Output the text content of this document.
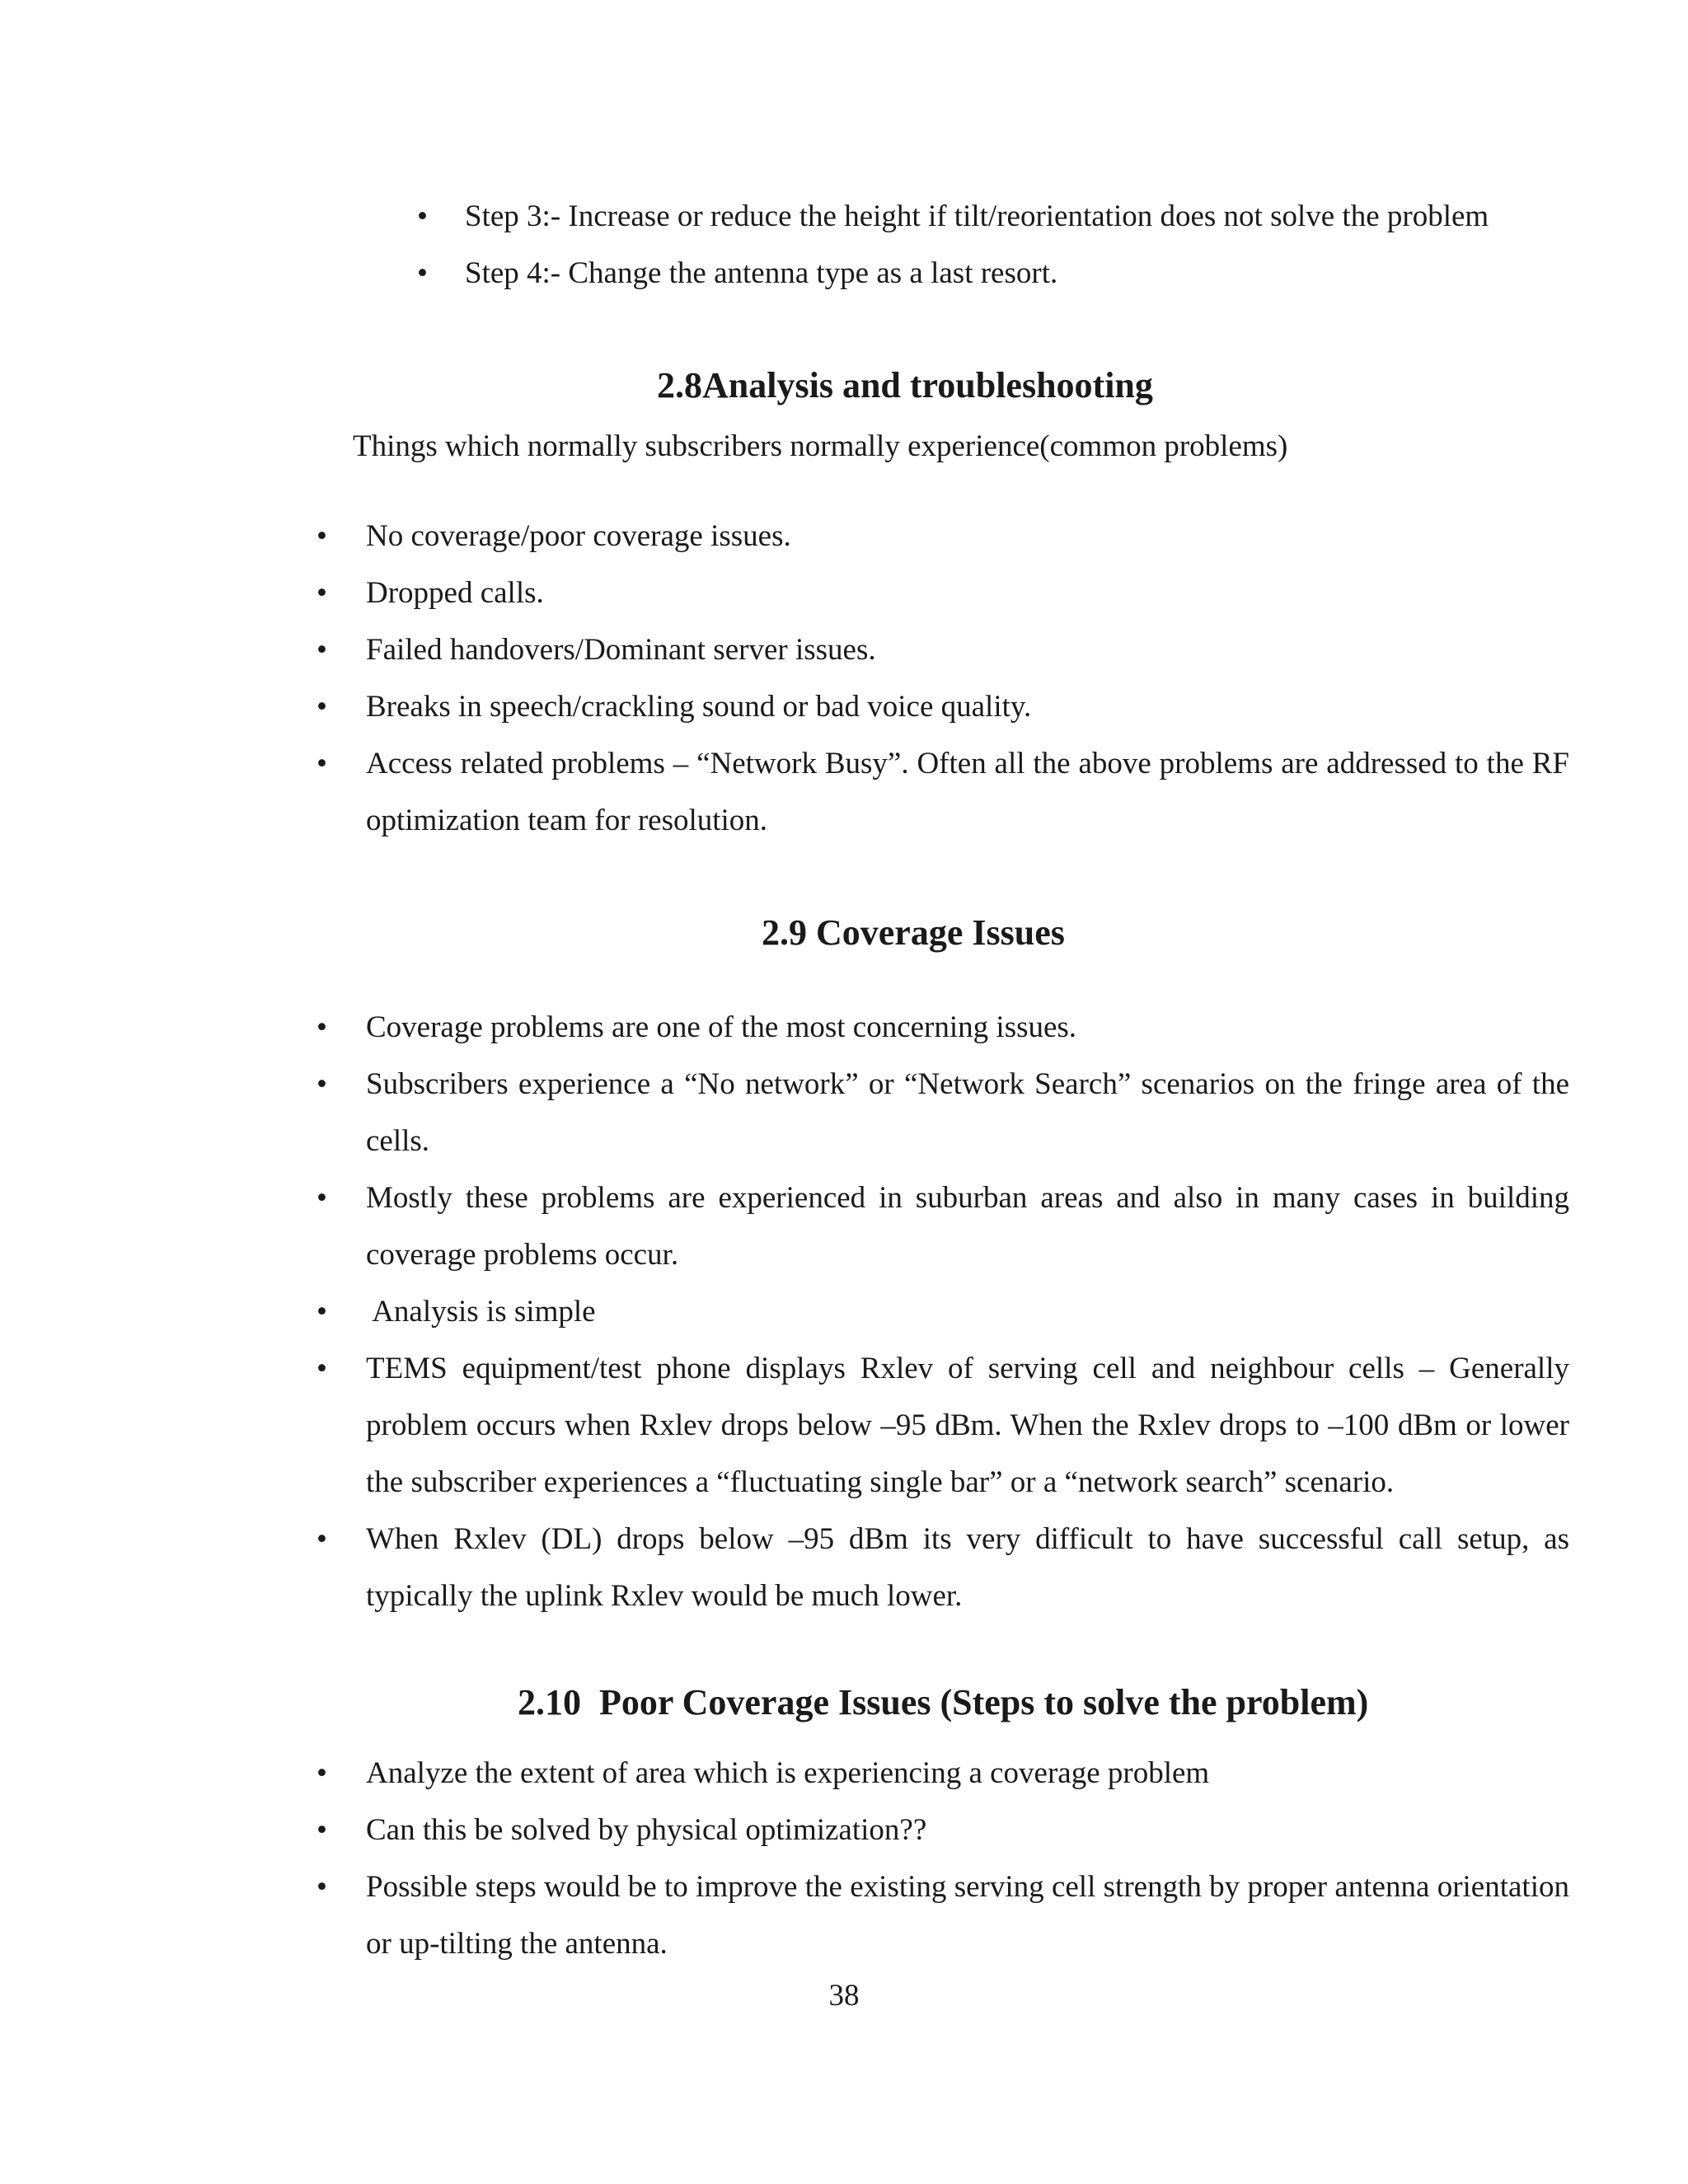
• Step 3:- Increase or reduce the height if tilt/reorientation does not solve the problem
• Step 4:- Change the antenna type as a last resort.
2.8Analysis and troubleshooting
Things which normally subscribers normally experience(common problems)
• No coverage/poor coverage issues.
• Dropped calls.
• Failed handovers/Dominant server issues.
• Breaks in speech/crackling sound or bad voice quality.
• Access related problems – “Network Busy”. Often all the above problems are addressed to the RF optimization team for resolution.
2.9 Coverage Issues
• Coverage problems are one of the most concerning issues.
• Subscribers experience a “No network” or “Network Search” scenarios on the fringe area of the cells.
• Mostly these problems are experienced in suburban areas and also in many cases in building coverage problems occur.
• Analysis is simple
• TEMS equipment/test phone displays Rxlev of serving cell and neighbour cells – Generally problem occurs when Rxlev drops below –95 dBm. When the Rxlev drops to –100 dBm or lower the subscriber experiences a “fluctuating single bar” or a “network search” scenario.
• When Rxlev (DL) drops below –95 dBm its very difficult to have successful call setup, as typically the uplink Rxlev would be much lower.
2.10  Poor Coverage Issues (Steps to solve the problem)
• Analyze the extent of area which is experiencing a coverage problem
• Can this be solved by physical optimization??
• Possible steps would be to improve the existing serving cell strength by proper antenna orientation or up-tilting the antenna.
38
